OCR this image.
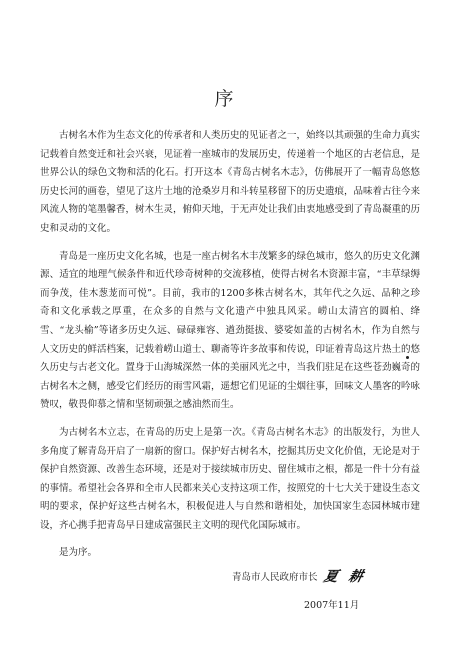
序

古树名木作为生态文化的传承者和人类历史的见证者之一，始终以其顽强的生命力真实记载着自然变迁和社会兴衰，见证着一座城市的发展历史，传递着一个地区的古老信息，是世界公认的绿色文物和活的化石。打开这本《青岛古树名木志》，仿佛展开了一幅青岛悠悠历史长河的画卷，望见了这片土地的沧桑岁月和斗转星移留下的历史遗痕，品味着古往今来风流人物的笔墨馨香，树木生灵，俯仰天地，于无声处让我们由衷地感受到了青岛凝重的历史和灵动的文化。

青岛是一座历史文化名城，也是一座古树名木丰茂繁多的绿色城市，悠久的历史文化渊源、适宜的地理气候条件和近代珍奇树种的交流移植，使得古树名木资源丰富，“丰草绿缛而争茂，佳木葱茏而可悦”。目前，我市的1200多株古树名木，其年代之久远、品种之珍奇和文化承载之厚重，在众多的自然与文化遗产中独具风采。崂山太清宫的圆柏、绛雪、“龙头榆”等诸多历史久远、碌碌雍容、遒劲挺拔、婆娑如盖的古树名木，作为自然与人文历史的鲜活档案，记载着崂山道士、聊斋等许多故事和传说，印证着青岛这片热土的悠久历史与古老文化。置身于山海城深然一体的美丽风光之中，当我们驻足在这些苍劲巍奇的古树名木之侧，感受它们经历的雨雪风霜，遥想它们见证的尘烟往事，回味文人墨客的吟咏赞叹，敬畏仰慕之情和坚韧顽强之感油然而生。

为古树名木立志，在青岛的历史上是第一次。《青岛古树名木志》的出版发行，为世人多角度了解青岛开启了一扇新的窗口。保护好古树名木，挖掘其历史文化价值，无论是对于保护自然资源、改善生态环境，还是对于接续城市历史、留住城市之根，都是一件十分有益的事情。希望社会各界和全市人民都来关心支持这项工作，按照党的十七大关于建设生态文明的要求，保护好这些古树名木，积极促进人与自然和谐相处，加快国家生态园林城市建设，齐心携手把青岛早日建成富强民主文明的现代化国际城市。

是为序。

青岛市人民政府市长 夏 耕
2007年11月
